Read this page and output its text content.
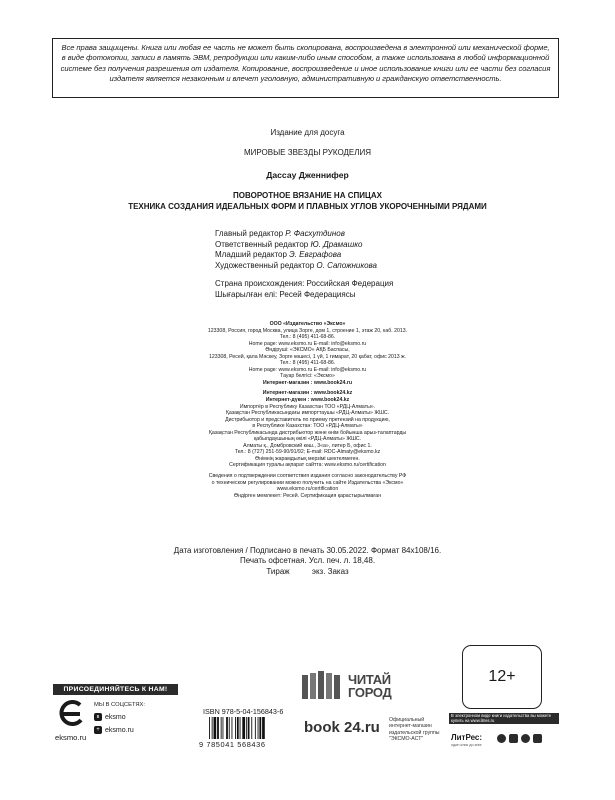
Все права защищены. Книга или любая ее часть не может быть скопирована, воспроизведена в электронной или механической форме, в виде фотокопии, записи в память ЭВМ, репродукции или каким-либо иным способом, а также использована в любой информационной системе без получения разрешения от издателя. Копирование, воспроизведение и иное использование книги или ее части без согласия издателя является незаконным и влечет уголовную, административную и гражданскую ответственность.
Издание для досуга
МИРОВЫЕ ЗВЕЗДЫ РУКОДЕЛИЯ
Дассау Дженнифер
ПОВОРОТНОЕ ВЯЗАНИЕ НА СПИЦАХ
ТЕХНИКА СОЗДАНИЯ ИДЕАЛЬНЫХ ФОРМ И ПЛАВНЫХ УГЛОВ УКОРОЧЕННЫМИ РЯДАМИ
Главный редактор Р. Фасхутдинов
Ответственный редактор Ю. Драмашко
Младший редактор Э. Евграфова
Художественный редактор О. Сапожникова
Страна происхождения: Российская Федерация
Шығарылған елі: Ресей Федерациясы
ООО «Издательство «Эксмо»
123308, Россия, город Москва, улица Зорге, дом 1, строение 1, этаж 20, каб. 2013.
Тел.: 8 (495) 411-68-86.
Home page: www.eksmo.ru E-mail: info@eksmo.ru
Өндіруші: «ЭКСМО» АҚБ Баспасы,
123308, Ресей, қала Мәскеу, Зорге көшесі, 1 үй, 1 ғимарат, 20 қабат, офис 2013 ж.
Тел.: 8 (495) 411-68-86.
Home page: www.eksmo.ru E-mail: info@eksmo.ru
Тауар белгісі: «Эксмо»
Интернет-магазин : www.book24.ru
Интернет-магазин : www.book24.kz
Интернет-дүкен : www.book24.kz
Импортёр в Республику Казахстан ТОО «РДЦ-Алматы».
Қазақстан Республикасындағы импорттаушы «РДЦ-Алматы» ЖШС.
Дистрибьютор и представитель по приему претензий на продукцию,
в Республике Казахстан: ТОО «РДЦ-Алматы»
Қазақстан Республикасында дистрибьютор және өнім бойынша арыз-талаптарды
қабылдаушының өкілі «РДЦ-Алматы» ЖШС.
Алматы қ., Домбровский көш., 3«а», литер Б, офис 1.
Тел.: 8 (727) 251-59-90/91/92; E-mail: RDC-Almaty@eksmo.kz
Өнімнің жарамдылық мерзімі шектелмеген.
Сертификация туралы ақпарат сайтта: www.eksmo.ru/certification
Сведения о подтверждении соответствия издания согласно законодательству РФ
о техническом регулировании можно получить на сайте Издательства «Эксмо»
www.eksmo.ru/certification
Өндірген мемлекет: Ресей. Сертификация қарастырылмаған
Дата изготовления / Подписано в печать 30.05.2022. Формат 84x108/16.
Печать офсетная. Усл. печ. л. 18,48.
Тираж          экз. Заказ
ПРИСОЕДИНЯЙТЕСЬ К НАМ!
eksmo.ru
МЫ В СОЦСЕТЯХ:
в eksmo
+ eksmo.ru
ISBN 978-5-04-156843-6
9 785041 568436
ЧИТАЙ
ГОРОД
book 24.ru Официальный
интернет-магазин
издательской группы
"ЭКСМО-АСТ"
12+
В электронном виде книги издательства вы можете купить на www.litres.ru
ЛитРес:
один клик до книг
